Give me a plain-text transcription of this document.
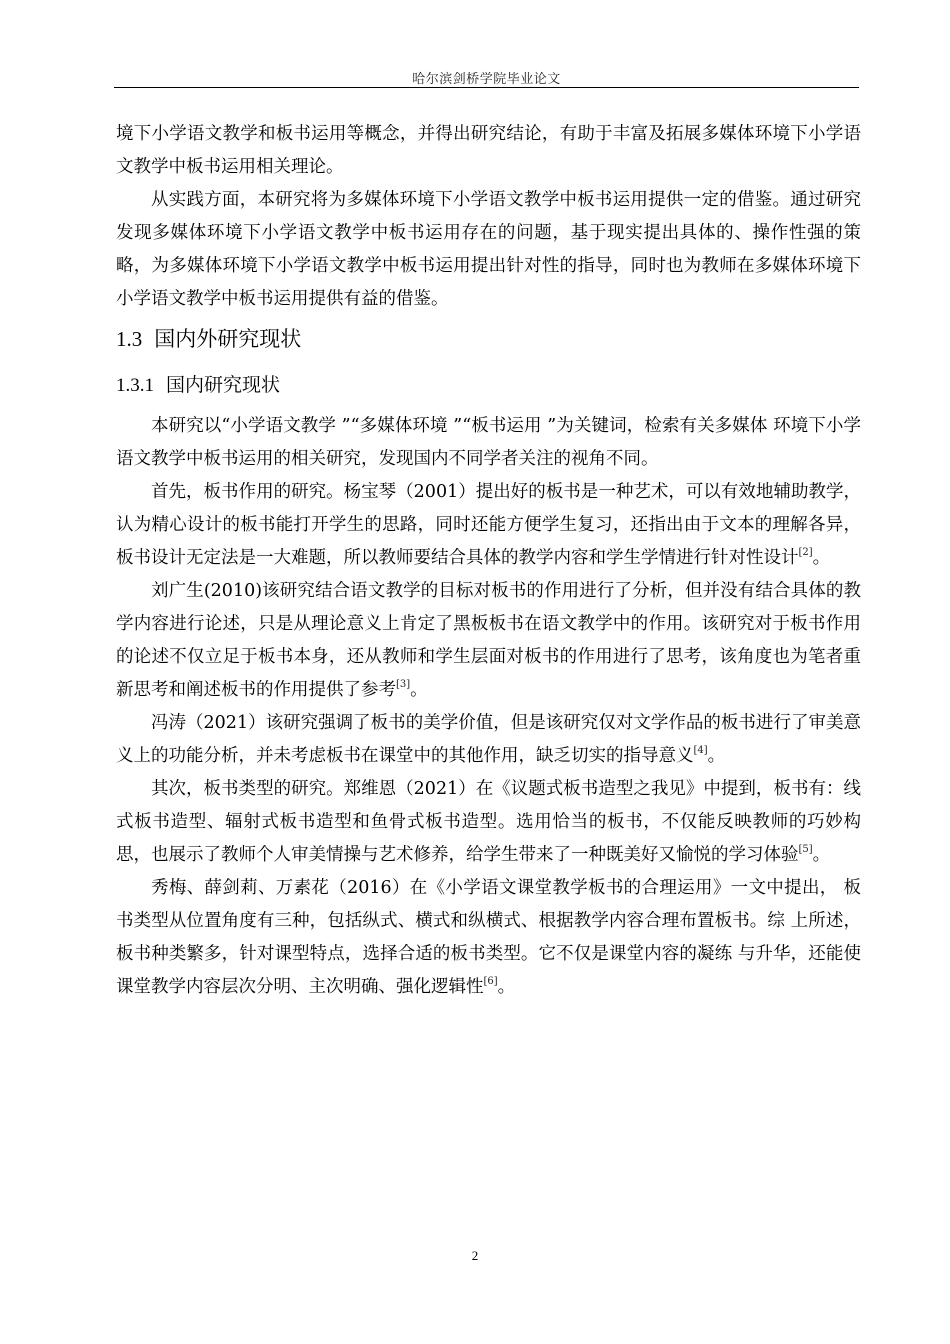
哈尔滨剑桥学院毕业论文

境下小学语文教学和板书运用等概念，并得出研究结论，有助于丰富及拓展多媒体环境下小学语文教学中板书运用相关理论。

从实践方面，本研究将为多媒体环境下小学语文教学中板书运用提供一定的借鉴。通过研究发现多媒体环境下小学语文教学中板书运用存在的问题，基于现实提出具体的、操作性强的策略，为多媒体环境下小学语文教学中板书运用提出针对性的指导，同时也为教师在多媒体环境下小学语文教学中板书运用提供有益的借鉴。

1.3 国内外研究现状
1.3.1 国内研究现状

本研究以“小学语文教学 ”“多媒体环境 ”“板书运用 ”为关键词，检索有关多媒体 环境下小学语文教学中板书运用的相关研究，发现国内不同学者关注的视角不同。

首先，板书作用的研究。杨宝琴（2001）提出好的板书是一种艺术，可以有效地辅助教学，认为精心设计的板书能打开学生的思路，同时还能方便学生复习，还指出由于文本的理解各异，板书设计无定法是一大难题，所以教师要结合具体的教学内容和学生学情进行针对性设计[2]。

刘广生(2010)该研究结合语文教学的目标对板书的作用进行了分析，但并没有结合具体的教学内容进行论述，只是从理论意义上肯定了黑板板书在语文教学中的作用。该研究对于板书作用的论述不仅立足于板书本身，还从教师和学生层面对板书的作用进行了思考，该角度也为笔者重新思考和阐述板书的作用提供了参考[3]。

冯涛（2021）该研究强调了板书的美学价值，但是该研究仅对文学作品的板书进行了审美意义上的功能分析，并未考虑板书在课堂中的其他作用，缺乏切实的指导意义[4]。

其次，板书类型的研究。郑维恩（2021）在《议题式板书造型之我见》中提到，板书有：线式板书造型、辐射式板书造型和鱼骨式板书造型。选用恰当的板书，不仅能反映教师的巧妙构思，也展示了教师个人审美情操与艺术修养，给学生带来了一种既美好又愉悦的学习体验[5]。

秀梅、薛剑莉、万素花（2016）在《小学语文课堂教学板书的合理运用》一文中提出， 板书类型从位置角度有三种，包括纵式、横式和纵横式、根据教学内容合理布置板书。综 上所述，板书种类繁多，针对课型特点，选择合适的板书类型。它不仅是课堂内容的凝练 与升华，还能使课堂教学内容层次分明、主次明确、强化逻辑性[6]。

2
